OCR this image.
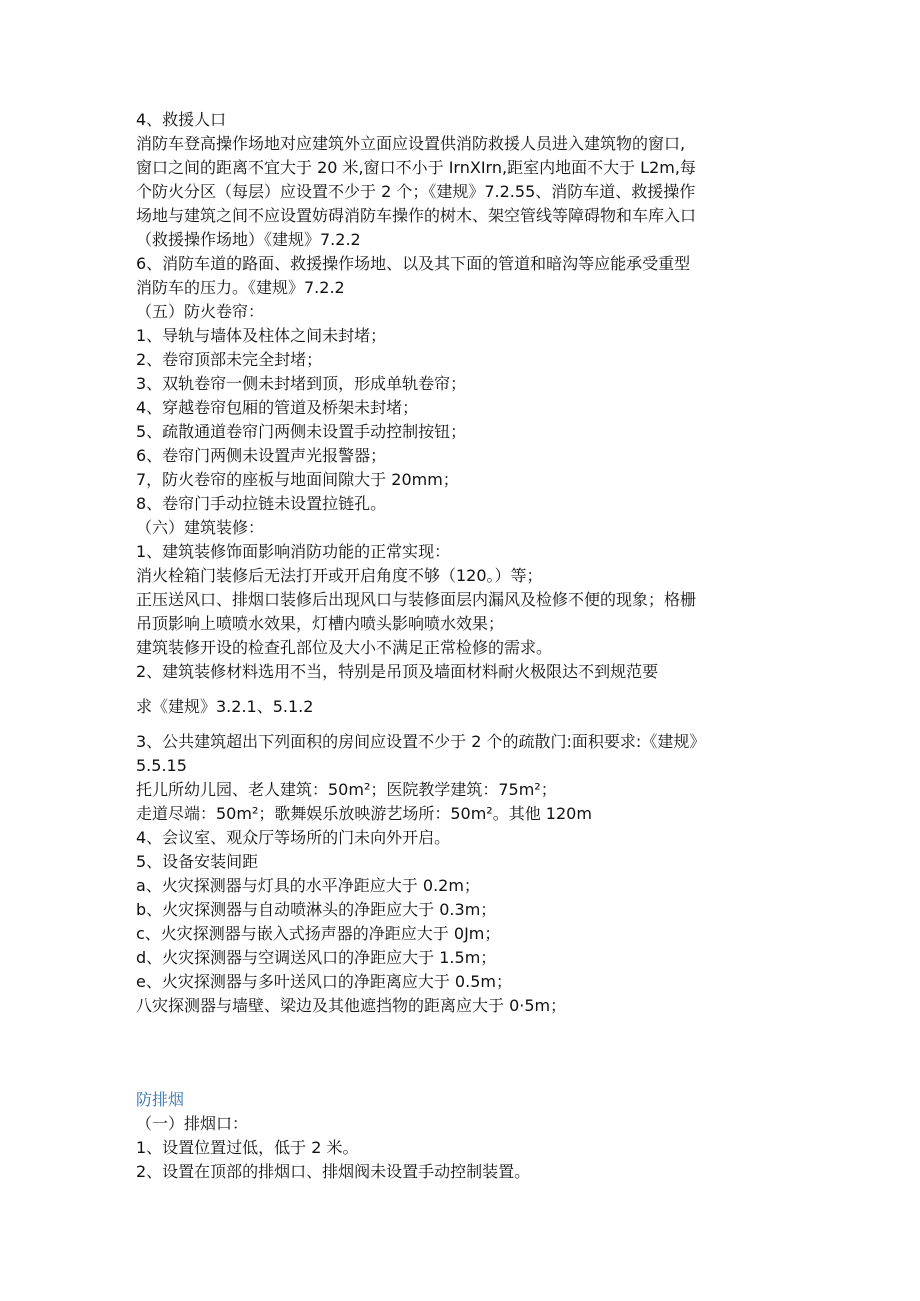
4、救援人口
消防车登高操作场地对应建筑外立面应设置供消防救援人员进入建筑物的窗口,
窗口之间的距离不宜大于 20 米,窗口不小于 IrnXIrn,距室内地面不大于 L2m,每
个防火分区（每层）应设置不少于 2 个；《建规》7.2.55、消防车道、救援操作
场地与建筑之间不应设置妨碍消防车操作的树木、架空管线等障碍物和车库入口
（救援操作场地）《建规》7.2.2
6、消防车道的路面、救援操作场地、以及其下面的管道和暗沟等应能承受重型
消防车的压力。《建规》7.2.2
（五）防火卷帘：
1、导轨与墙体及柱体之间未封堵；
2、卷帘顶部未完全封堵；
3、双轨卷帘一侧未封堵到顶，形成单轨卷帘；
4、穿越卷帘包厢的管道及桥架未封堵；
5、疏散通道卷帘门两侧未设置手动控制按钮；
6、卷帘门两侧未设置声光报警器；
7，防火卷帘的座板与地面间隙大于 20mm；
8、卷帘门手动拉链未设置拉链孔。
（六）建筑装修：
1、建筑装修饰面影响消防功能的正常实现：
消火栓箱门装修后无法打开或开启角度不够（120。）等；
正压送风口、排烟口装修后出现风口与装修面层内漏风及检修不便的现象；格栅
吊顶影响上喷喷水效果，灯槽内喷头影响喷水效果；
建筑装修开设的检查孔部位及大小不满足正常检修的需求。
2、建筑装修材料选用不当，特别是吊顶及墙面材料耐火极限达不到规范要
求《建规》3.2.1、5.1.2
3、公共建筑超出下列面积的房间应设置不少于 2 个的疏散门:面积要求:《建规》
5.5.15
托儿所幼儿园、老人建筑：50m²；医院教学建筑：75m²；
走道尽端：50m²；歌舞娱乐放映游艺场所：50m²。其他 120m
4、会议室、观众厅等场所的门未向外开启。
5、设备安装间距
a、火灾探测器与灯具的水平净距应大于 0.2m；
b、火灾探测器与自动喷淋头的净距应大于 0.3m；
c、火灾探测器与嵌入式扬声器的净距应大于 0Jm；
d、火灾探测器与空调送风口的净距应大于 1.5m；
e、火灾探测器与多叶送风口的净距离应大于 0.5m；
八灾探测器与墙壁、梁边及其他遮挡物的距离应大于 0·5m；
防排烟
（一）排烟口：
1、设置位置过低，低于 2 米。
2、设置在顶部的排烟口、排烟阀未设置手动控制装置。
